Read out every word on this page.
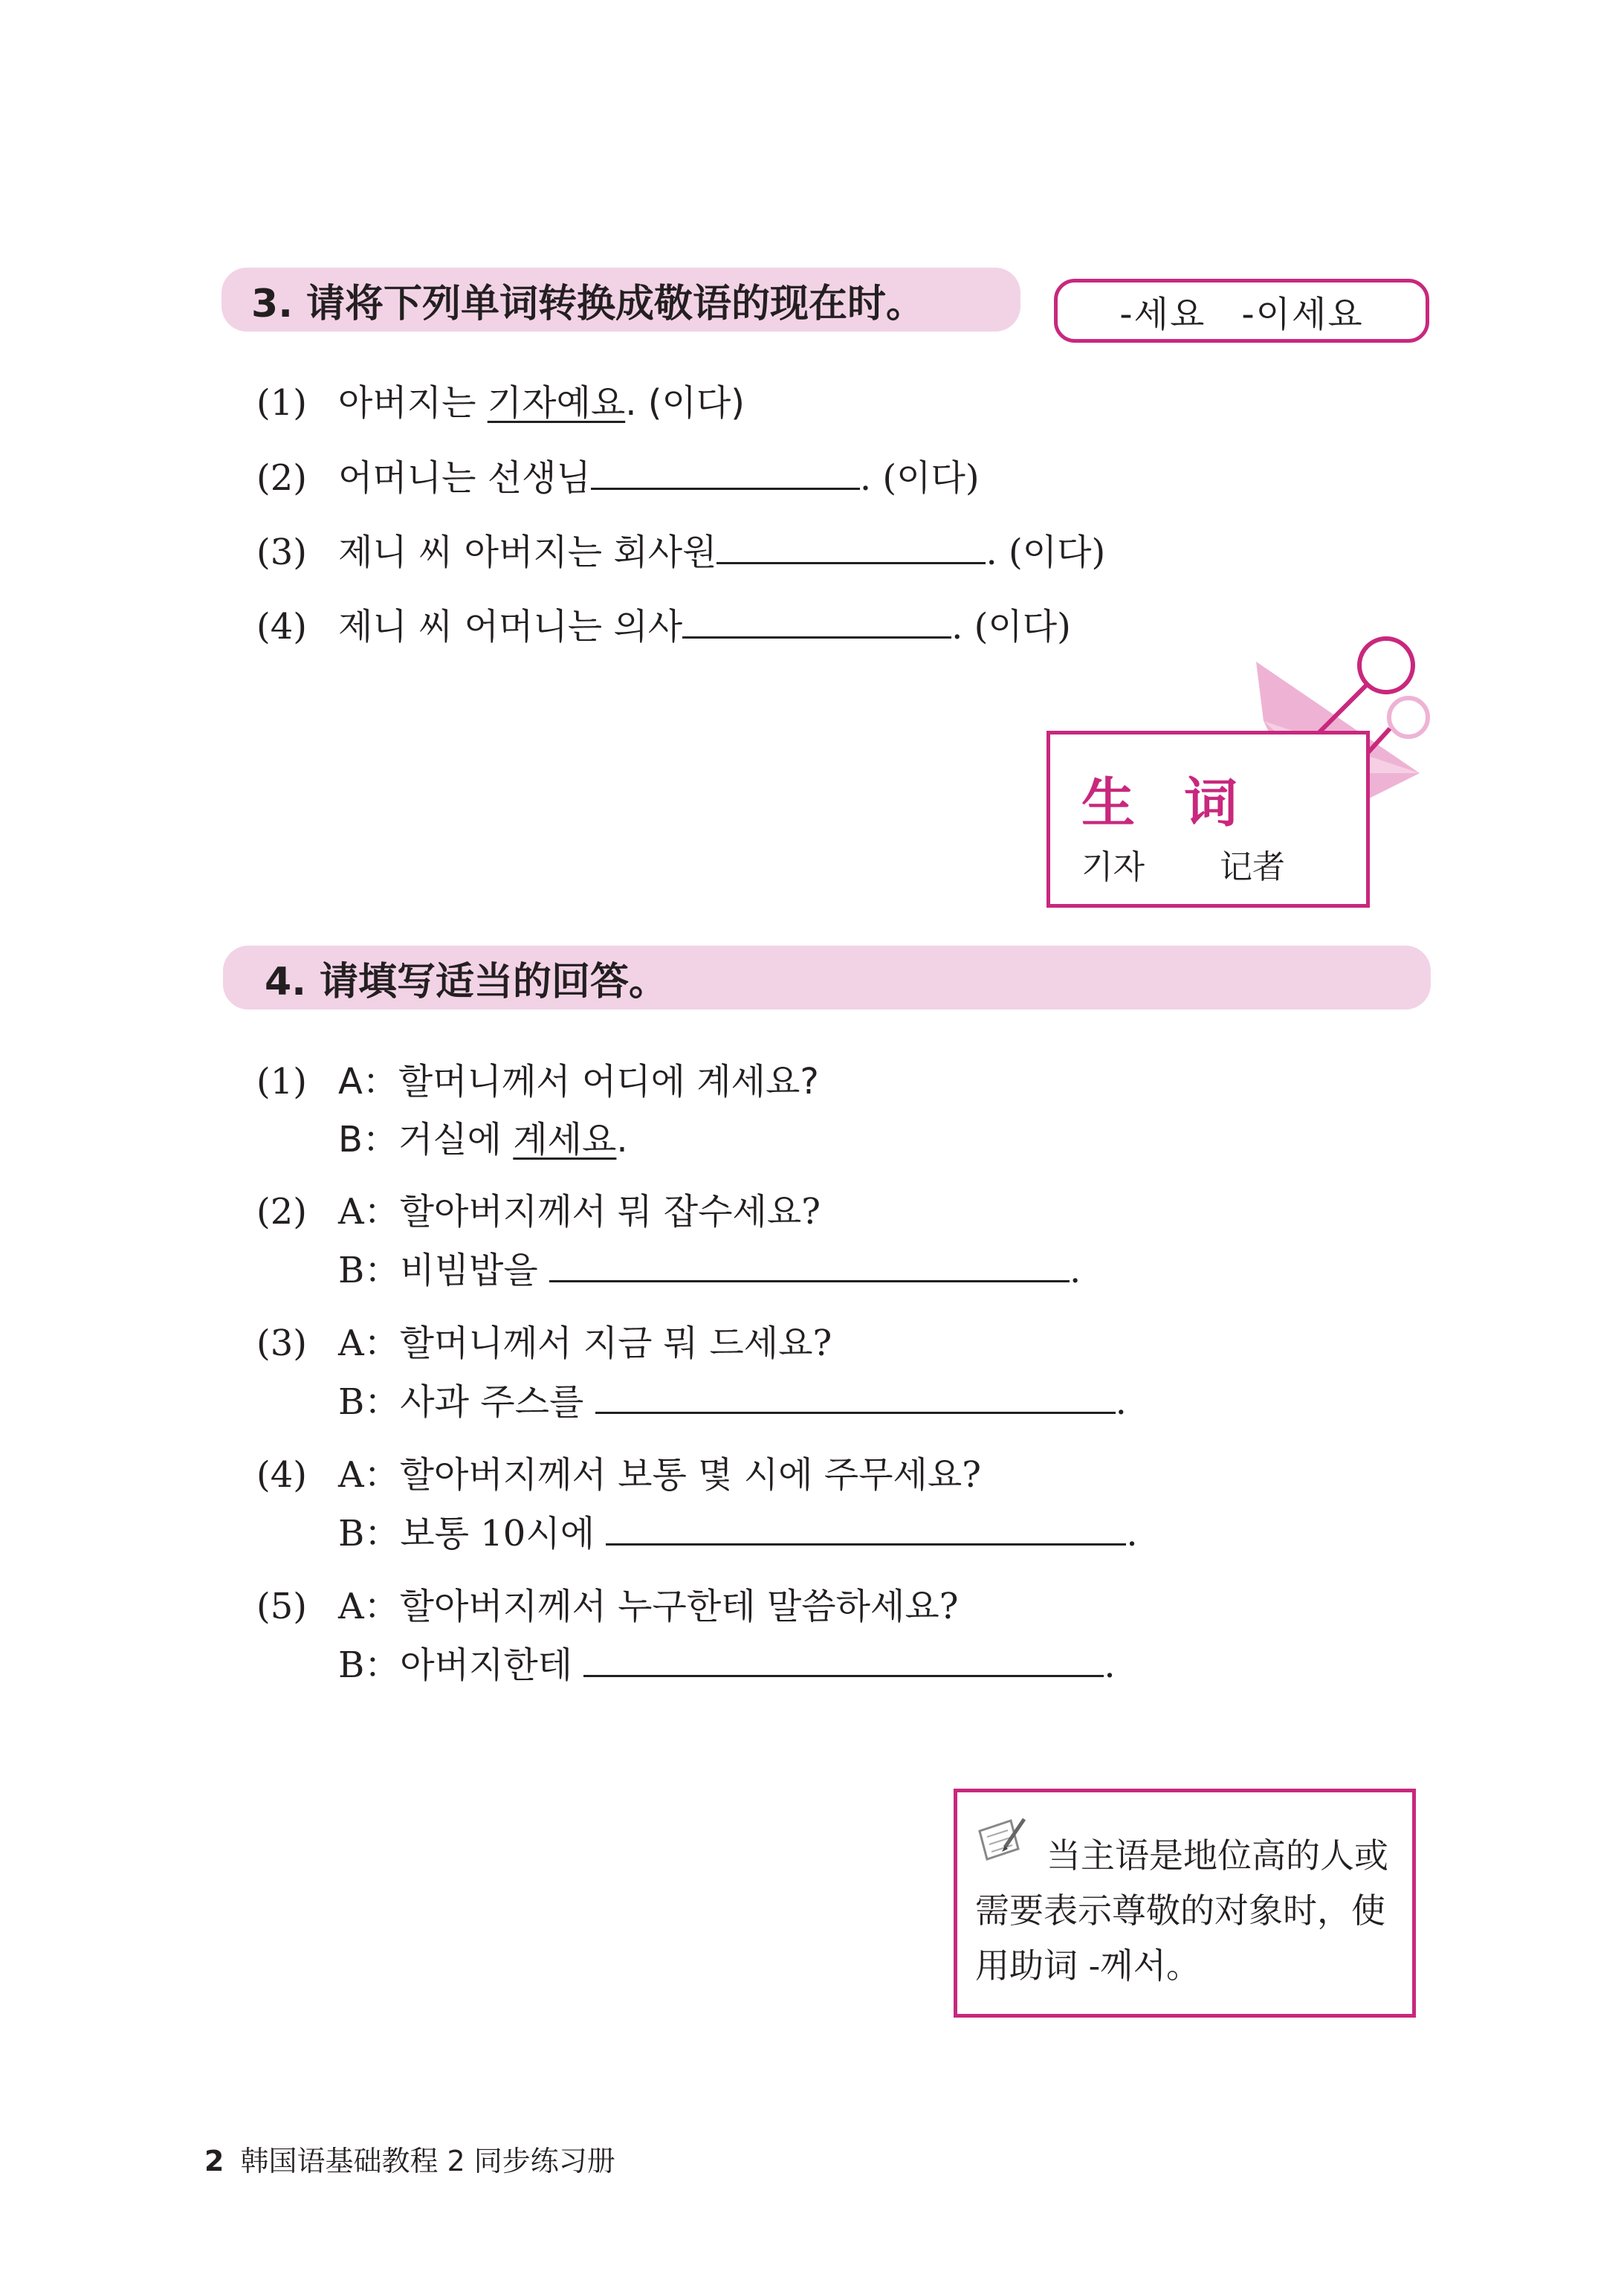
3. 请将下列单词转换成敬语的现在时。	-세요 -이세요
(1) 아버지는 기자예요. (이다)
(2) 어머니는 선생님	. (이다)
(3) 제니 씨 아버지는 회사원	. (이다)
(4) 제니 씨 어머니는 의사	. (이다)
生 词
기자 记者
4. 请填写适当的回答。
(1) A：할머니께서 어디에 계세요?
B：거실에 계세요.
(2) A：할아버지께서 뭐 잡수세요?
B：비빔밥을	.
(3) A：할머니께서 지금 뭐 드세요?
B：사과 주스를	.
(4) A：할아버지께서 보통 몇 시에 주무세요?
B：보통 10시에	.
(5) A：할아버지께서 누구한테 말씀하세요?
B：아버지한테	.
当主语是地位高的人或需要表示尊敬的对象时，使用助词 -께서。
2 韩国语基础教程 2 同步练习册
